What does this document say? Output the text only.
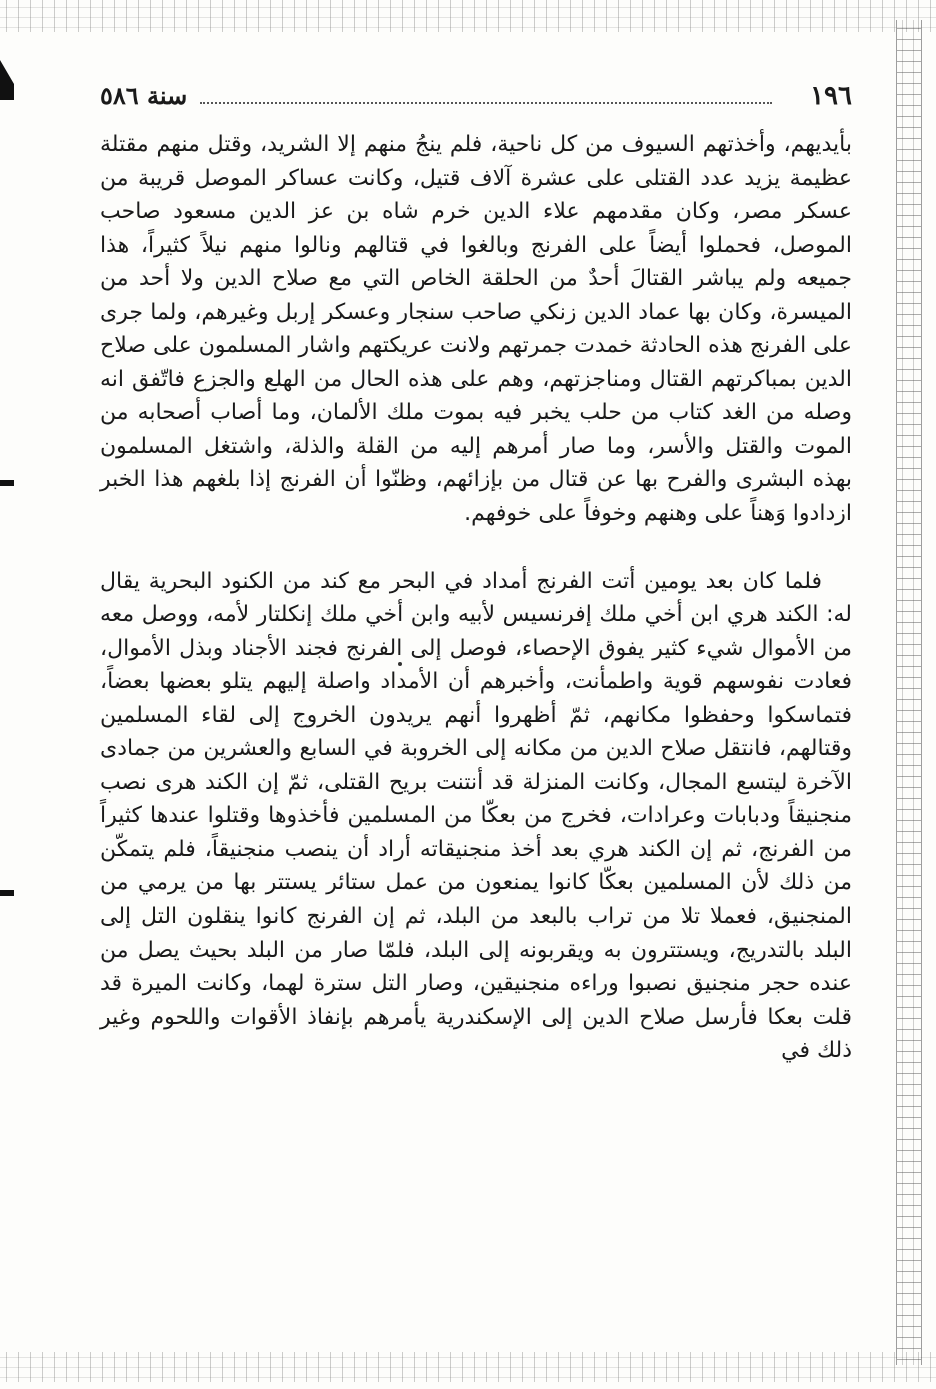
١٩٦
سنة ٥٨٦

بأيديهم، وأخذتهم السيوف من كل ناحية، فلم ينجُ منهم إلا الشريد، وقتل منهم مقتلة عظيمة يزيد عدد القتلى على عشرة آلاف قتيل، وكانت عساكر الموصل قريبة من عسكر مصر، وكان مقدمهم علاء الدين خرم شاه بن عز الدين مسعود صاحب الموصل، فحملوا أيضاً على الفرنج وبالغوا في قتالهم ونالوا منهم نيلاً كثيراً، هذا جميعه ولم يباشر القتالَ أحدٌ من الحلقة الخاص التي مع صلاح الدين ولا أحد من الميسرة، وكان بها عماد الدين زنكي صاحب سنجار وعسكر إربل وغيرهم، ولما جرى على الفرنج هذه الحادثة خمدت جمرتهم ولانت عريكتهم واشار المسلمون على صلاح الدين بمباكرتهم القتال ومناجزتهم، وهم على هذه الحال من الهلع والجزع فاتّفق انه وصله من الغد كتاب من حلب يخبر فيه بموت ملك الألمان، وما أصاب أصحابه من الموت والقتل والأسر، وما صار أمرهم إليه من القلة والذلة، واشتغل المسلمون بهذه البشرى والفرح بها عن قتال من بإزائهم، وظنّوا أن الفرنج إذا بلغهم هذا الخبر ازدادوا وَهناً على وهنهم وخوفاً على خوفهم.

فلما كان بعد يومين أتت الفرنج أمداد في البحر مع كند من الكنود البحرية يقال له: الكند هري ابن أخي ملك إفرنسيس لأبيه وابن أخي ملك إنكلتار لأمه، ووصل معه من الأموال شيء كثير يفوق الإحصاء، فوصل إلى الفرنج فجند الأجناد وبذل الأموال، فعادت نفوسهم قوية واطمأنت، وأخبرهم أن الأمداد واصلة إليهم يتلو بعضها بعضاً، فتماسكوا وحفظوا مكانهم، ثمّ أظهروا أنهم يريدون الخروج إلى لقاء المسلمين وقتالهم، فانتقل صلاح الدين من مكانه إلى الخروبة في السابع والعشرين من جمادى الآخرة ليتسع المجال، وكانت المنزلة قد أنتنت بريح القتلى، ثمّ إن الكند هرى نصب منجنيقاً ودبابات وعرادات، فخرج من بعكّا من المسلمين فأخذوها وقتلوا عندها كثيراً من الفرنج، ثم إن الكند هري بعد أخذ منجنيقاته أراد أن ينصب منجنيقاً، فلم يتمكّن من ذلك لأن المسلمين بعكّا كانوا يمنعون من عمل ستائر يستتر بها من يرمي من المنجنيق، فعملا تلا من تراب بالبعد من البلد، ثم إن الفرنج كانوا ينقلون التل إلى البلد بالتدريج، ويستترون به ويقربونه إلى البلد، فلمّا صار من البلد بحيث يصل من عنده حجر منجنيق نصبوا وراءه منجنيقين، وصار التل سترة لهما، وكانت الميرة قد قلت بعكا فأرسل صلاح الدين إلى الإسكندرية يأمرهم بإنفاذ الأقوات واللحوم وغير ذلك في
